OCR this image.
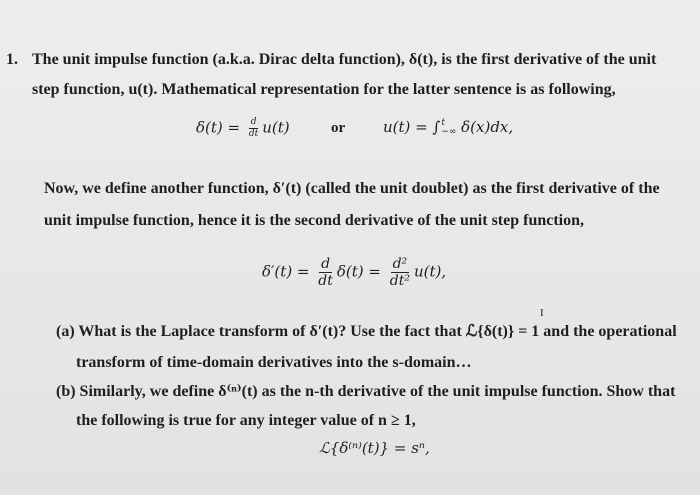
1. The unit impulse function (a.k.a. Dirac delta function), δ(t), is the first derivative of the unit
step function, u(t). Mathematical representation for the latter sentence is as following,
$\delta(t) = \frac{d}{dt} u(t)$	or	u(t) = ∫ t
−∞ δ(x)dx,
Now, we define another function, δ′(t) (called the unit doublet) as the first derivative of the
unit impulse function, hence it is the second derivative of the unit step function,
$\delta'(t) = \frac{d}{dt} \delta(t) = \frac{\text{d²}}{\text{dt²}} u(t)$,
I
(a) What is the Laplace transform of δ′(t)? Use the fact that ℒ{δ(t)} = 1 and the operational
transform of time-domain derivatives into the s-domain…
(b) Similarly, we define δ⁽ⁿ⁾(t) as the n-th derivative of the unit impulse function. Show that
the following is true for any integer value of n ≥ 1,
ℒ{δ⁽ⁿ⁾(t)} = sⁿ,
